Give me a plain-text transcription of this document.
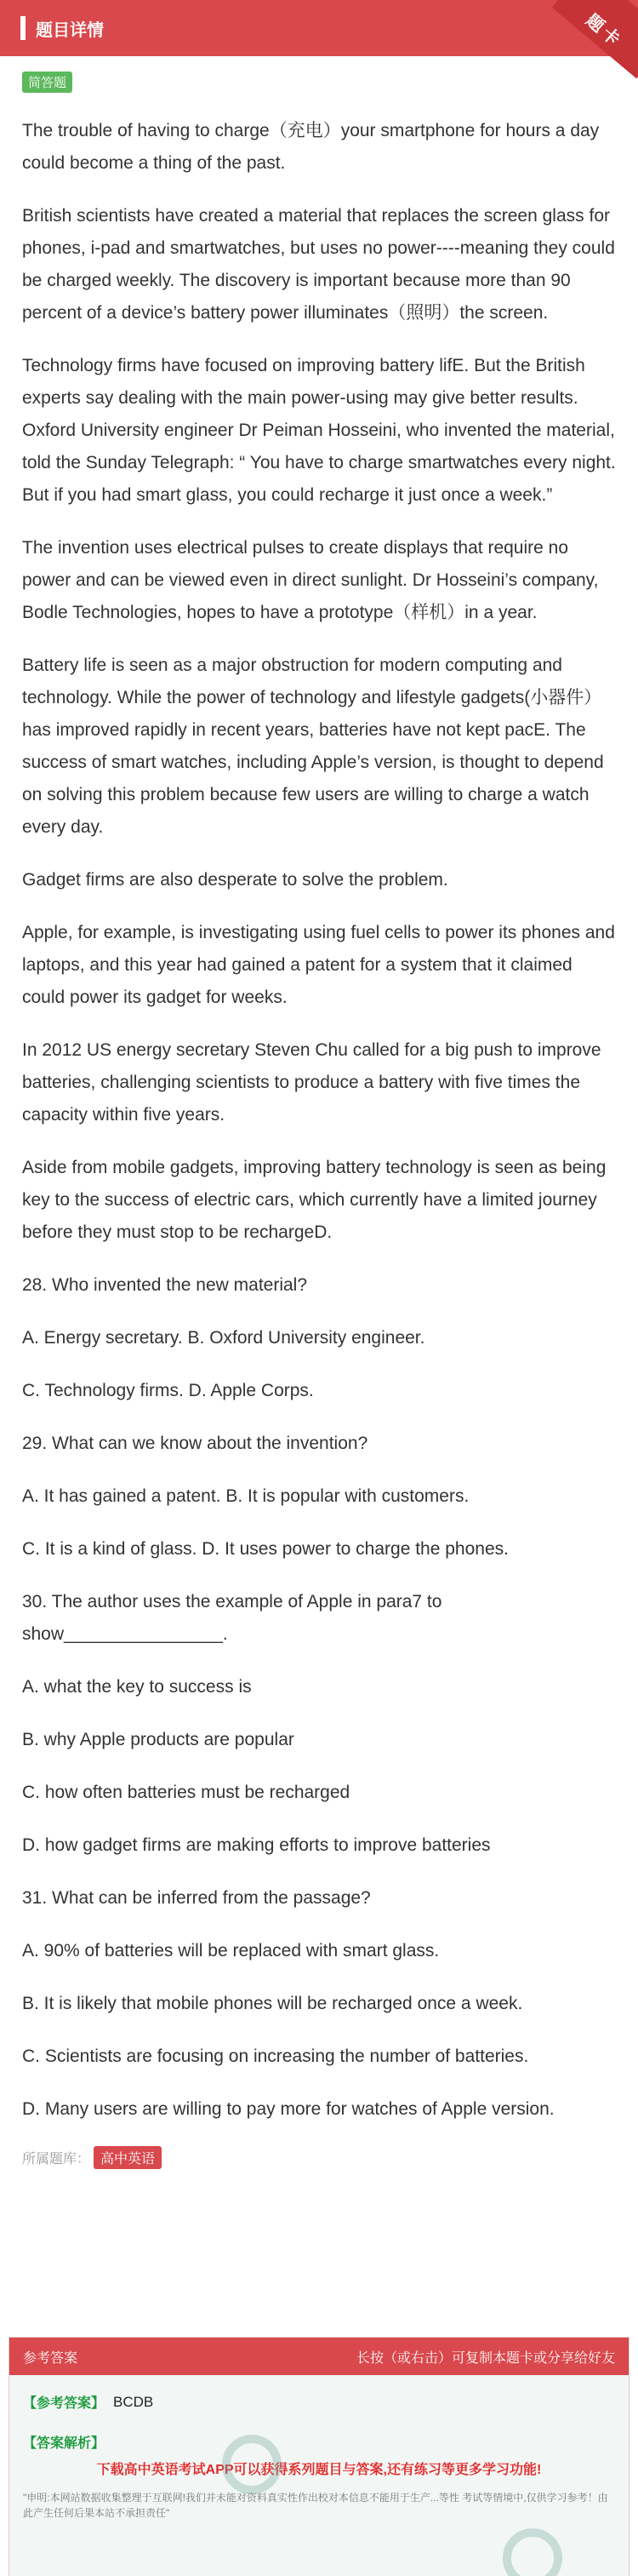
题目详情	题卡
简答题

The trouble of having to charge（充电）your smartphone for hours a day could become a thing of the past.

British scientists have created a material that replaces the screen glass for phones, i-pad and smartwatches, but uses no power----meaning they could be charged weekly. The discovery is important because more than 90 percent of a device’s battery power illuminates（照明）the screen.

Technology firms have focused on improving battery lifE. But the British experts say dealing with the main power-using may give better results. Oxford University engineer Dr Peiman Hosseini, who invented the material, told the Sunday Telegraph: “ You have to charge smartwatches every night. But if you had smart glass, you could recharge it just once a week.”

The invention uses electrical pulses to create displays that require no power and can be viewed even in direct sunlight. Dr Hosseini’s company, Bodle Technologies, hopes to have a prototype（样机）in a year.

Battery life is seen as a major obstruction for modern computing and technology. While the power of technology and lifestyle gadgets(小器件）has improved rapidly in recent years, batteries have not kept pacE. The success of smart watches, including Apple’s version, is thought to depend on solving this problem because few users are willing to charge a watch every day.

Gadget firms are also desperate to solve the problem.

Apple, for example, is investigating using fuel cells to power its phones and laptops, and this year had gained a patent for a system that it claimed could power its gadget for weeks.

In 2012 US energy secretary Steven Chu called for a big push to improve batteries, challenging scientists to produce a battery with five times the capacity within five years.

Aside from mobile gadgets, improving battery technology is seen as being key to the success of electric cars, which currently have a limited journey before they must stop to be rechargeD.

28. Who invented the new material?

A. Energy secretary. B. Oxford University engineer.

C. Technology firms. D. Apple Corps.

29. What can we know about the invention?

A. It has gained a patent. B. It is popular with customers.

C. It is a kind of glass. D. It uses power to charge the phones.

30. The author uses the example of Apple in para7 to show________________.

A. what the key to success is

B. why Apple products are popular

C. how often batteries must be recharged

D. how gadget firms are making efforts to improve batteries

31. What can be inferred from the passage?

A. 90% of batteries will be replaced with smart glass.

B. It is likely that mobile phones will be recharged once a week.

C. Scientists are focusing on increasing the number of batteries.

D. Many users are willing to pay more for watches of Apple version.

所属题库： 高中英语
参考答案	长按（或右击）可复制本题卡或分享给好友
【参考答案】 BCDB
【答案解析】
下载高中英语考试APP可以获得系列题目与答案,还有练习等更多学习功能!
"申明:本网站数据收集整理于互联网!我们并未能对资料真实性作出校对本信息不能用于生产...等性 考试等情境中,仅供学习参考！由此产生任何后果本站不承担责任"
